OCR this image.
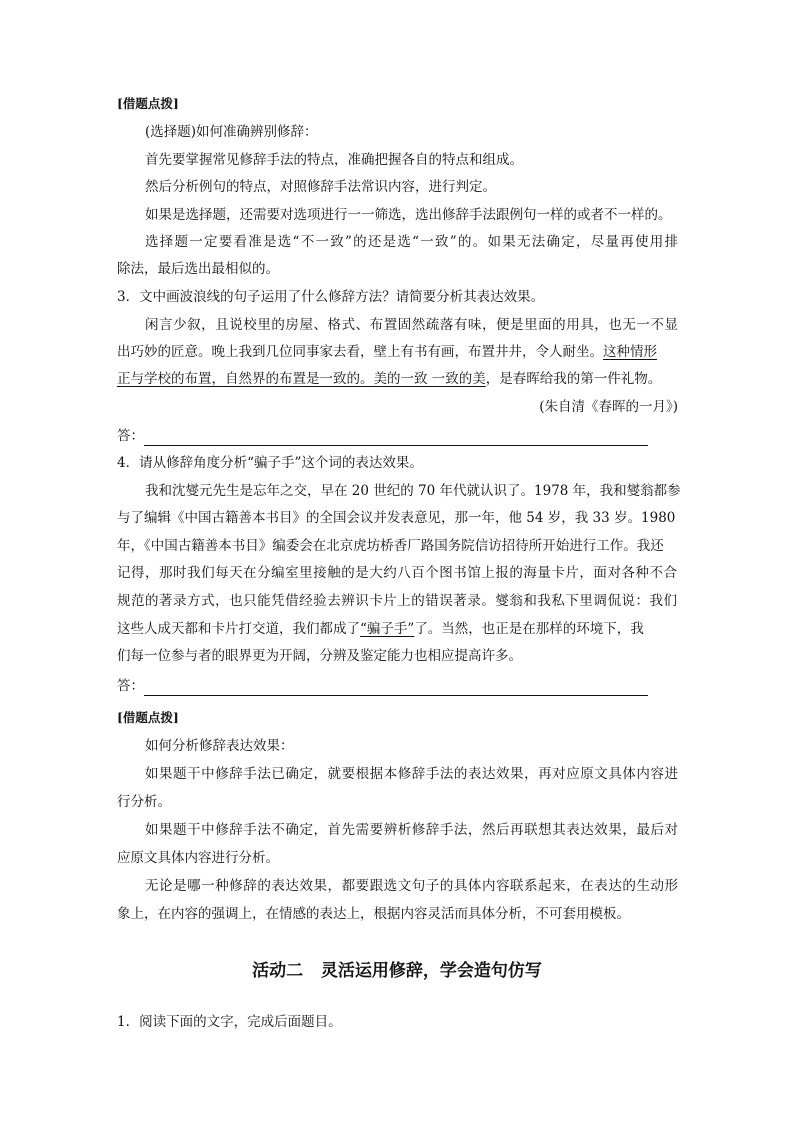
[借题点拨]
(选择题)如何准确辨别修辞：
首先要掌握常见修辞手法的特点，准确把握各自的特点和组成。
然后分析例句的特点，对照修辞手法常识内容，进行判定。
如果是选择题，还需要对选项进行一一筛选，选出修辞手法跟例句一样的或者不一样的。
选择题一定要看准是选“不一致”的还是选“一致”的。如果无法确定，尽量再使用排
除法，最后选出最相似的。
3．文中画波浪线的句子运用了什么修辞方法？请简要分析其表达效果。
闲言少叙，且说校里的房屋、格式、布置固然疏落有味，便是里面的用具，也无一不显
出巧妙的匠意。晚上我到几位同事家去看，壁上有书有画，布置井井，令人耐坐。这种情形
正与学校的布置，自然界的布置是一致的。美的一致 一致的美，是春晖给我的第一件礼物。
(朱自清《春晖的一月》)
答：
4．请从修辞角度分析“骗子手”这个词的表达效果。
我和沈燮元先生是忘年之交，早在 20 世纪的 70 年代就认识了。1978 年，我和燮翁都参
与了编辑《中国古籍善本书目》的全国会议并发表意见，那一年，他 54 岁，我 33 岁。1980
年，《中国古籍善本书目》编委会在北京虎坊桥香厂路国务院信访招待所开始进行工作。我还
记得，那时我们每天在分编室里接触的是大约八百个图书馆上报的海量卡片，面对各种不合
规范的著录方式，也只能凭借经验去辨识卡片上的错误著录。燮翁和我私下里调侃说：我们
这些人成天都和卡片打交道，我们都成了“骗子手”了。当然，也正是在那样的环境下，我
们每一位参与者的眼界更为开阔，分辨及鉴定能力也相应提高许多。
答：
[借题点拨]
如何分析修辞表达效果：
如果题干中修辞手法已确定，就要根据本修辞手法的表达效果，再对应原文具体内容进
行分析。
如果题干中修辞手法不确定，首先需要辨析修辞手法，然后再联想其表达效果，最后对
应原文具体内容进行分析。
无论是哪一种修辞的表达效果，都要跟选文句子的具体内容联系起来，在表达的生动形
象上，在内容的强调上，在情感的表达上，根据内容灵活而具体分析，不可套用模板。
活动二 灵活运用修辞，学会造句仿写
1．阅读下面的文字，完成后面题目。
